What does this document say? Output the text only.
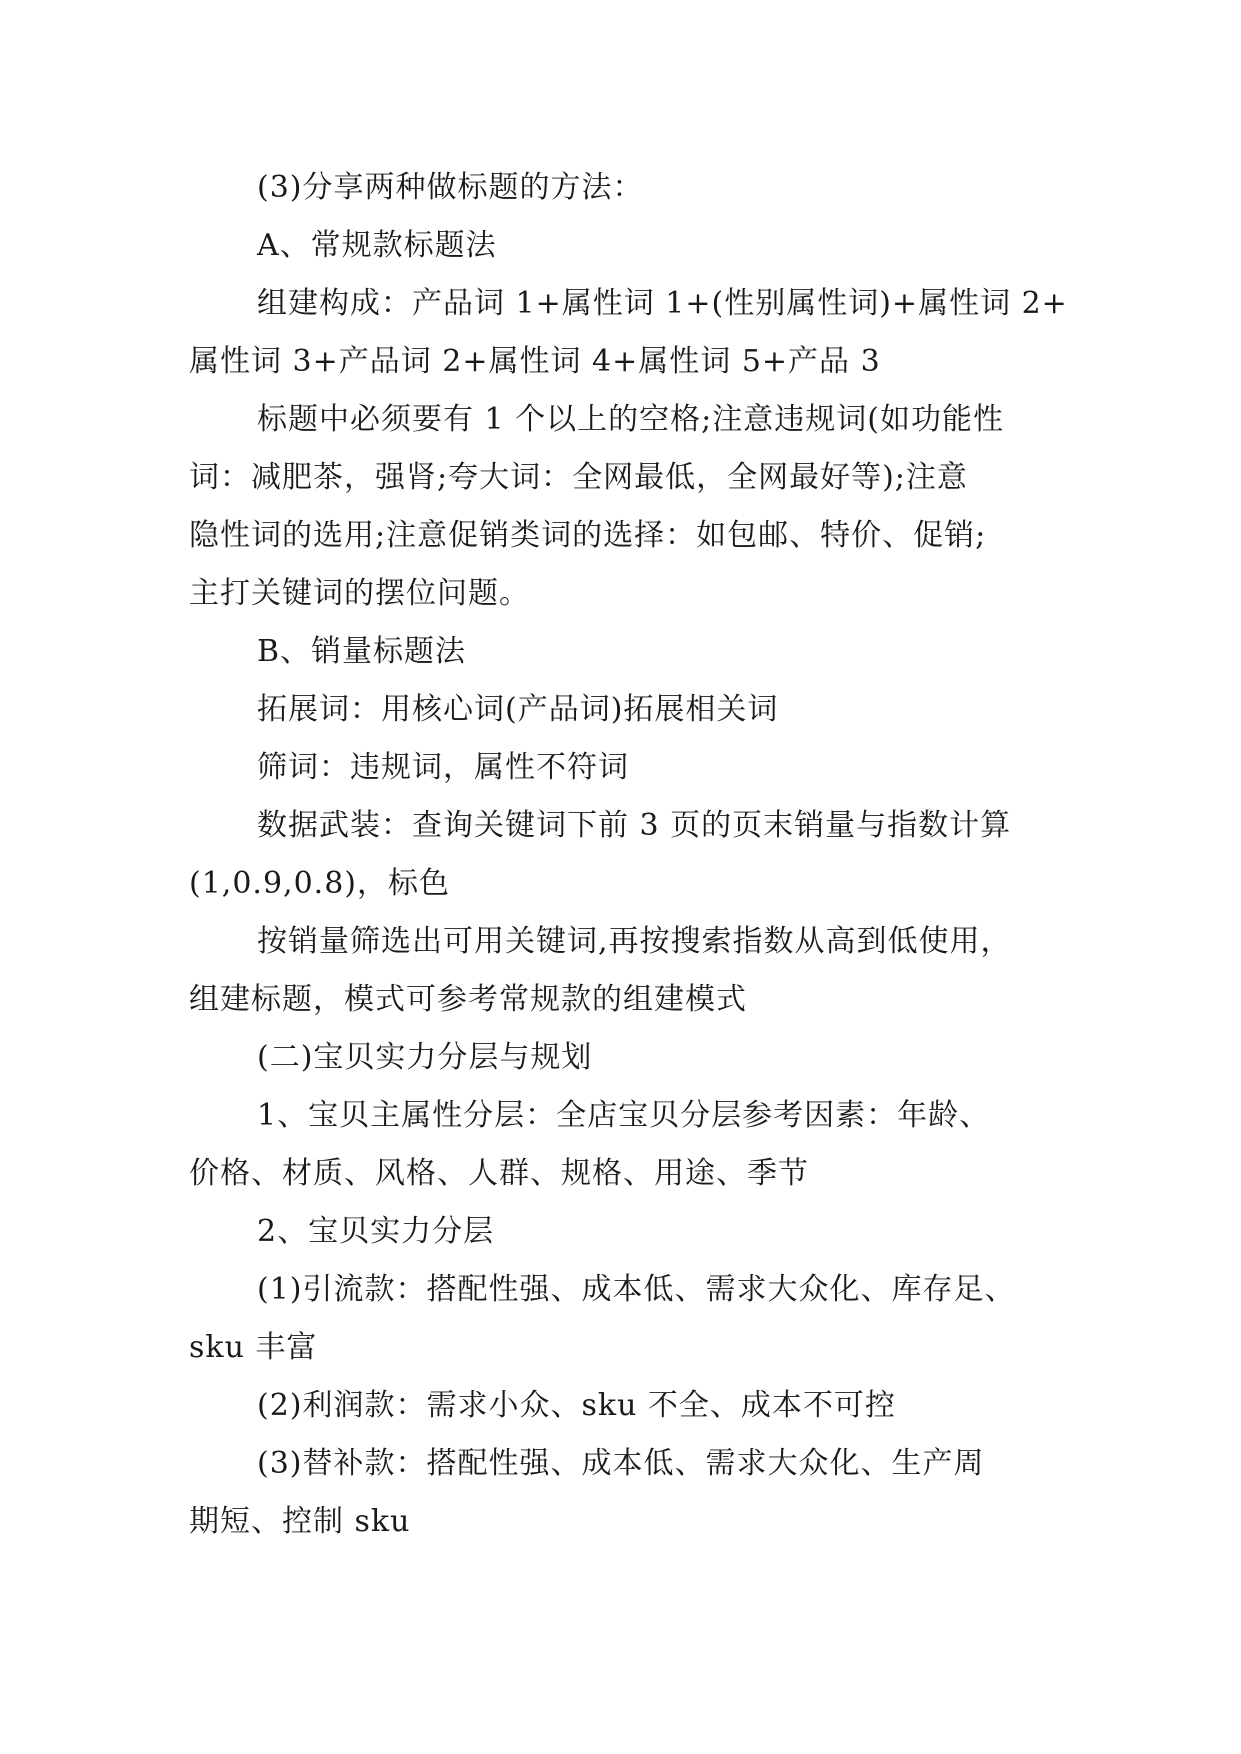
(3)分享两种做标题的方法：
A、常规款标题法
组建构成：产品词 1+属性词 1+(性别属性词)+属性词 2+
属性词 3+产品词 2+属性词 4+属性词 5+产品 3
标题中必须要有 1 个以上的空格;注意违规词(如功能性
词：减肥茶，强肾;夸大词：全网最低，全网最好等);注意
隐性词的选用;注意促销类词的选择：如包邮、特价、促销;
主打关键词的摆位问题。
B、销量标题法
拓展词：用核心词(产品词)拓展相关词
筛词：违规词，属性不符词
数据武装：查询关键词下前 3 页的页末销量与指数计算
(1,0.9,0.8)，标色
按销量筛选出可用关键词,再按搜索指数从高到低使用，
组建标题，模式可参考常规款的组建模式
(二)宝贝实力分层与规划
1、宝贝主属性分层：全店宝贝分层参考因素：年龄、
价格、材质、风格、人群、规格、用途、季节
2、宝贝实力分层
(1)引流款：搭配性强、成本低、需求大众化、库存足、
sku 丰富
(2)利润款：需求小众、sku 不全、成本不可控
(3)替补款：搭配性强、成本低、需求大众化、生产周
期短、控制 sku
